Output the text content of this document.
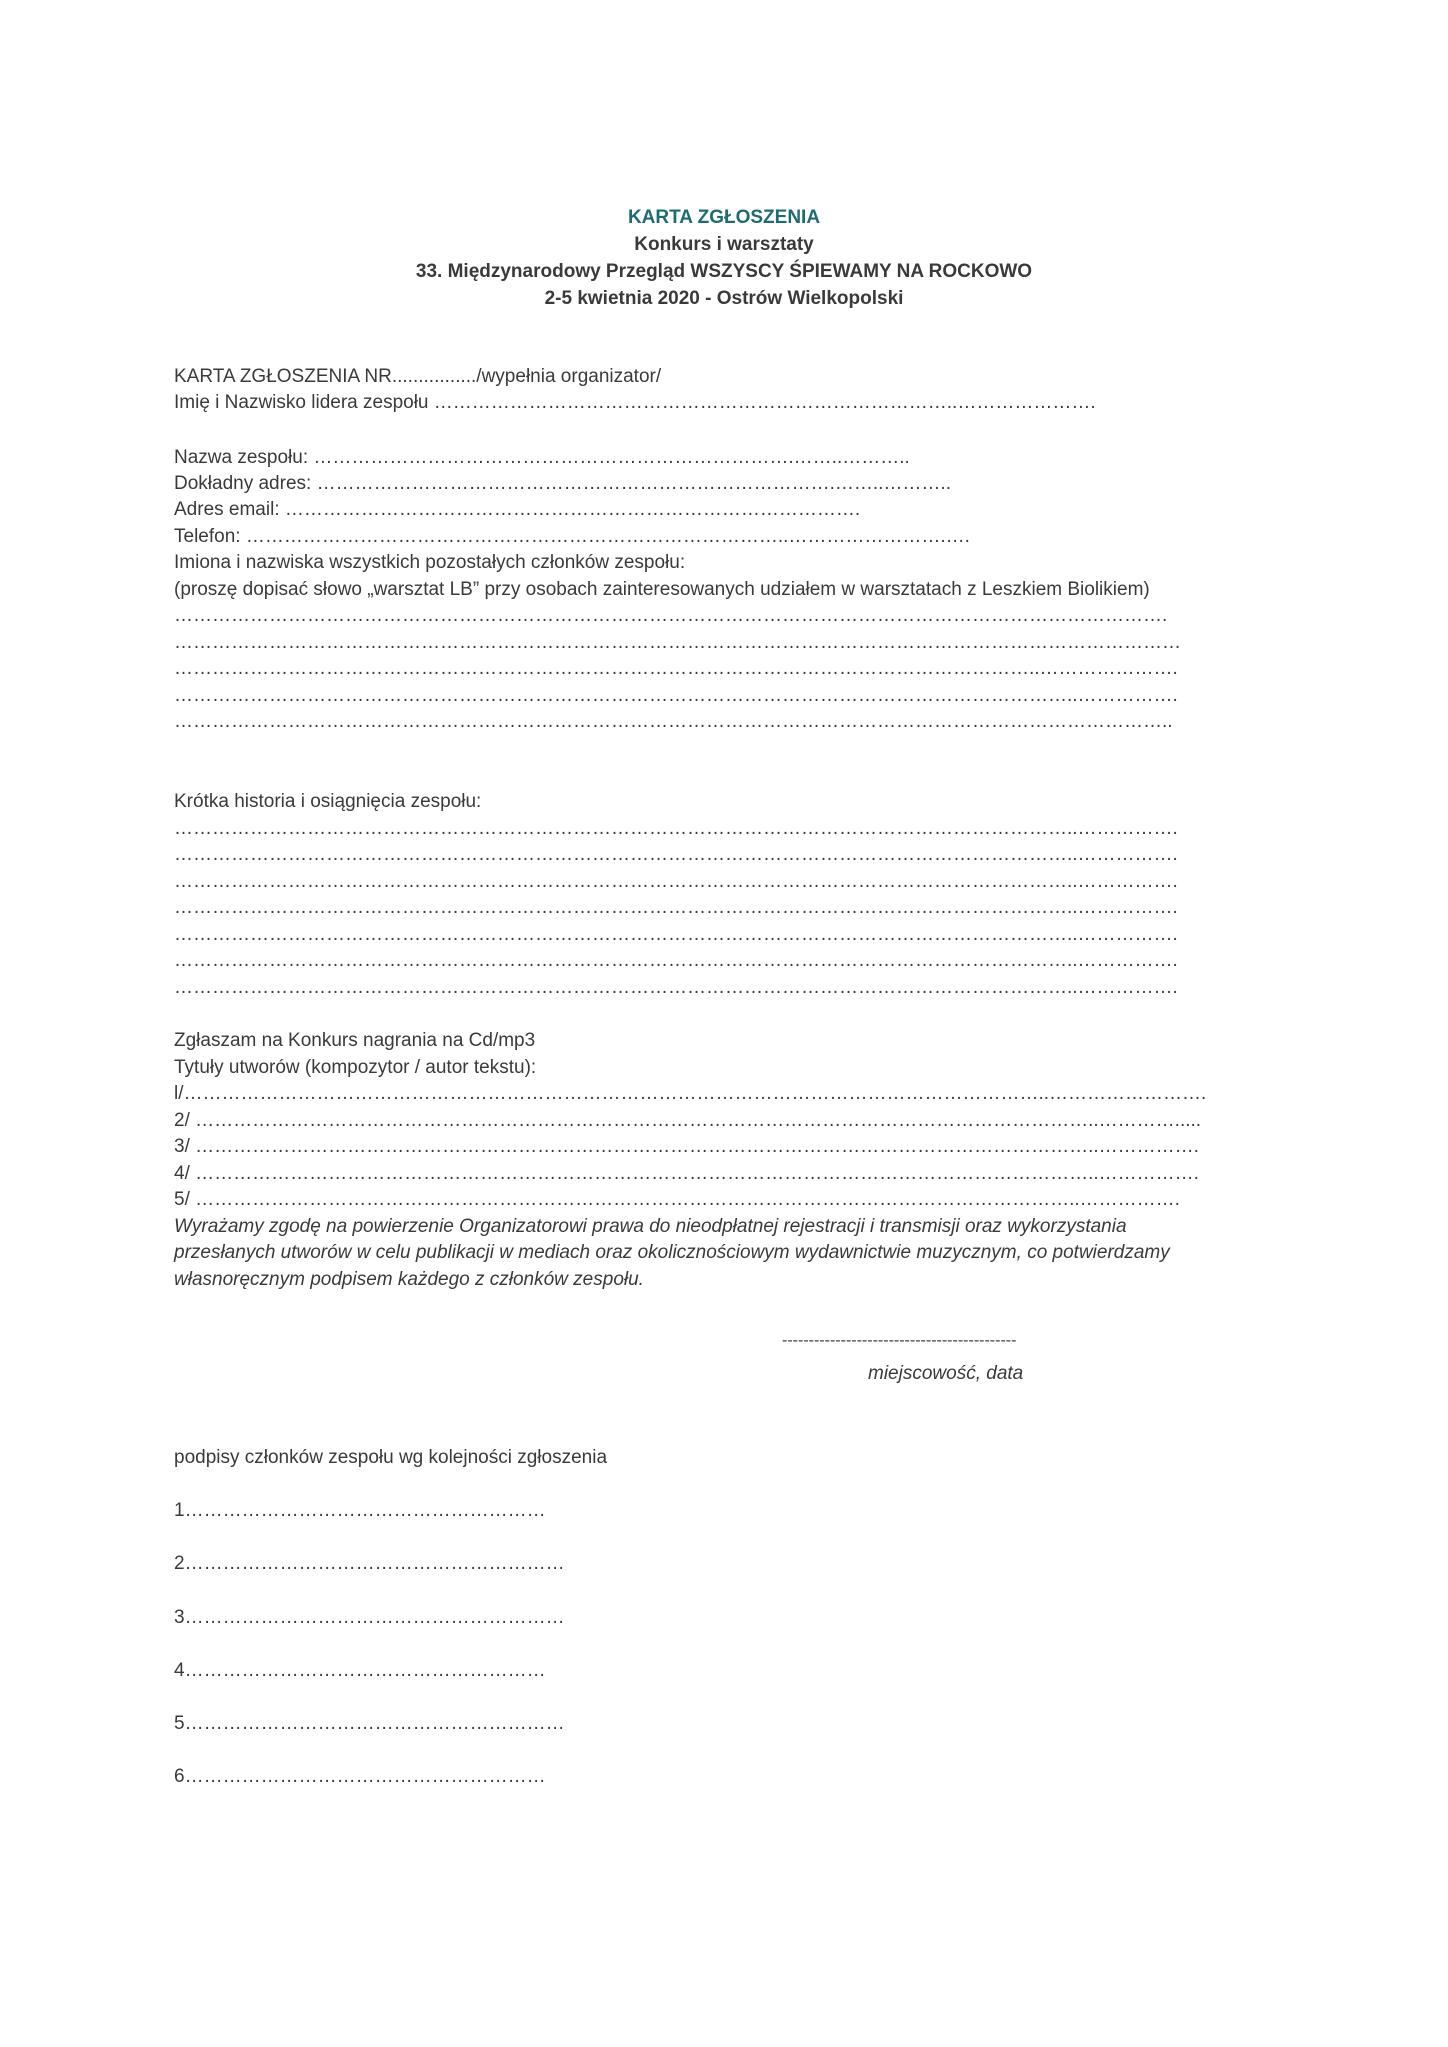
KARTA ZGŁOSZENIA
Konkurs i warsztaty
33. Międzynarodowy Przegląd WSZYSCY ŚPIEWAMY NA ROCKOWO
2-5 kwietnia 2020 - Ostrów Wielkopolski
KARTA ZGŁOSZENIA NR................/wypełnia organizator/
Imię i Nazwisko lidera zespołu ………………………………………………………………………..………………….
Nazwa zespołu: ………………………………………………………………….……..………..
Dokładny adres: ……………………………………………………………………….……..………..
Adres email: ……………………………………………………………………………….
Telefon: …………………………………………………………………………..…………………….….
Imiona i nazwiska wszystkich pozostałych członków zespołu:
(proszę dopisać słowo „warsztat LB” przy osobach zainteresowanych udziałem w warsztatach z Leszkiem Biolikiem)
………………………………………………………………………………………………………………………………………….
……………………………………………………………………………………………………………………………………………
………………………………………………………………………………………………………………………..………………….
……………………………………………………………………………………………………………………………..…………….
…………………………………………………………………………………………………………………………………………..
Krótka historia i osiągnięcia zespołu:
……………………………………………………………………………………………………………………………..…………….
……………………………………………………………………………………………………………………………..…………….
……………………………………………………………………………………………………………………………..…………….
……………………………………………………………………………………………………………………………..…………….
……………………………………………………………………………………………………………………………..…………….
……………………………………………………………………………………………………………………………..…………….
……………………………………………………………………………………………………………………………..…………….
Zgłaszam na Konkurs nagrania na Cd/mp3
Tytuły utworów (kompozytor / autor tekstu):
l/………………………………………………………………………………………………………………………..…………………….
2/ ……………………………………………………………………………………………………………………………..………….....
3/ ……………………………………………………………………………………………………………………………..…………….
4/ ……………………………………………………………………………………………………………………………..…………….
5/ …………………………………………………………………………………………………………………………..…………….
Wyrażamy zgodę na powierzenie Organizatorowi prawa do nieodpłatnej rejestracji i transmisji oraz wykorzystania
przesłanych utworów w celu publikacji w mediach oraz okolicznościowym wydawnictwie muzycznym, co potwierdzamy
własnoręcznym podpisem każdego z członków zespołu.
--------------------------------------------
miejscowość, data
podpisy członków zespołu wg kolejności zgłoszenia
1…………………………………………………
2……………………………………………………
3……………………………………………………
4…………………………………………………
5……………………………………………………
6…………………………………………………
